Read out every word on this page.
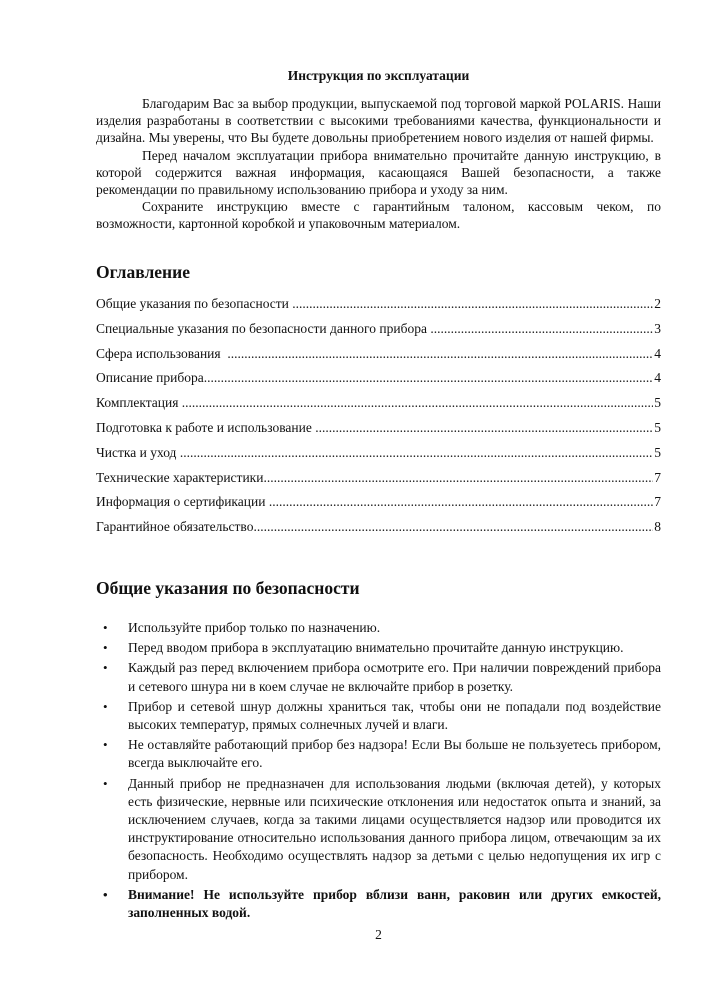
Инструкция по эксплуатации

Благодарим Вас за выбор продукции, выпускаемой под торговой маркой POLARIS. Наши изделия разработаны в соответствии с высокими требованиями качества, функциональности и дизайна. Мы уверены, что Вы будете довольны приобретением нового изделия от нашей фирмы.

Перед началом эксплуатации прибора внимательно прочитайте данную инструкцию, в которой содержится важная информация, касающаяся Вашей безопасности, а также рекомендации по правильному использованию прибора и уходу за ним.

Сохраните инструкцию вместе с гарантийным талоном, кассовым чеком, по возможности, картонной коробкой и упаковочным материалом.

Оглавление
Общие указания по безопасности .....	2
Специальные указания по безопасности данного прибора .....	3
Сфера использования .....	4
Описание прибора .....	4
Комплектация .....	5
Подготовка к работе и использование .....	5
Чистка и уход .....	5
Технические характеристики .....	7
Информация о сертификации .....	7
Гарантийное обязательство .....	8
Общие указания по безопасности
• Используйте прибор только по назначению.
• Перед вводом прибора в эксплуатацию внимательно прочитайте данную инструкцию.
• Каждый раз перед включением прибора осмотрите его. При наличии повреждений прибора и сетевого шнура ни в коем случае не включайте прибор в розетку.
• Прибор и сетевой шнур должны храниться так, чтобы они не попадали под воздействие высоких температур, прямых солнечных лучей и влаги.
• Не оставляйте работающий прибор без надзора! Если Вы больше не пользуетесь прибором, всегда выключайте его.
• Данный прибор не предназначен для использования людьми (включая детей), у которых есть физические, нервные или психические отклонения или недостаток опыта и знаний, за исключением случаев, когда за такими лицами осуществляется надзор или проводится их инструктирование относительно использования данного прибора лицом, отвечающим за их безопасность. Необходимо осуществлять надзор за детьми с целью недопущения их игр с прибором.
• Внимание! Не используйте прибор вблизи ванн, раковин или других емкостей, заполненных водой.
2
